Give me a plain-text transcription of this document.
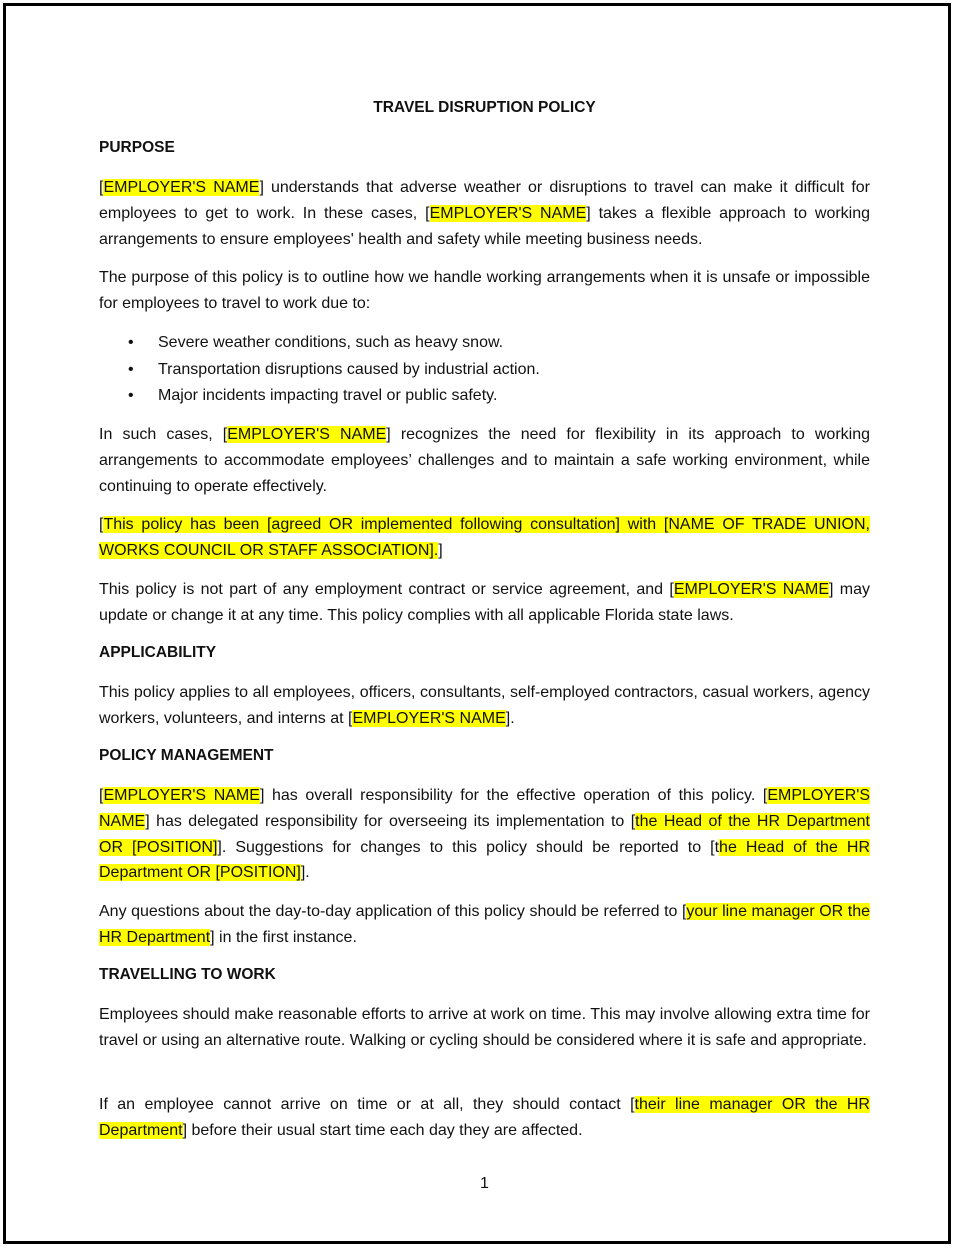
TRAVEL DISRUPTION POLICY
PURPOSE
[EMPLOYER'S NAME] understands that adverse weather or disruptions to travel can make it difficult for employees to get to work. In these cases, [EMPLOYER'S NAME] takes a flexible approach to working arrangements to ensure employees' health and safety while meeting business needs.
The purpose of this policy is to outline how we handle working arrangements when it is unsafe or impossible for employees to travel to work due to:
• Severe weather conditions, such as heavy snow.
• Transportation disruptions caused by industrial action.
• Major incidents impacting travel or public safety.
In such cases, [EMPLOYER'S NAME] recognizes the need for flexibility in its approach to working arrangements to accommodate employees’ challenges and to maintain a safe working environment, while continuing to operate effectively.
[This policy has been [agreed OR implemented following consultation] with [NAME OF TRADE UNION, WORKS COUNCIL OR STAFF ASSOCIATION].]
This policy is not part of any employment contract or service agreement, and [EMPLOYER'S NAME] may update or change it at any time. This policy complies with all applicable Florida state laws.
APPLICABILITY
This policy applies to all employees, officers, consultants, self-employed contractors, casual workers, agency workers, volunteers, and interns at [EMPLOYER'S NAME].
POLICY MANAGEMENT
[EMPLOYER'S NAME] has overall responsibility for the effective operation of this policy. [EMPLOYER'S NAME] has delegated responsibility for overseeing its implementation to [the Head of the HR Department OR [POSITION]]. Suggestions for changes to this policy should be reported to [the Head of the HR Department OR [POSITION]].
Any questions about the day-to-day application of this policy should be referred to [your line manager OR the HR Department] in the first instance.
TRAVELLING TO WORK
Employees should make reasonable efforts to arrive at work on time. This may involve allowing extra time for travel or using an alternative route. Walking or cycling should be considered where it is safe and appropriate.
If an employee cannot arrive on time or at all, they should contact [their line manager OR the HR Department] before their usual start time each day they are affected.
1
